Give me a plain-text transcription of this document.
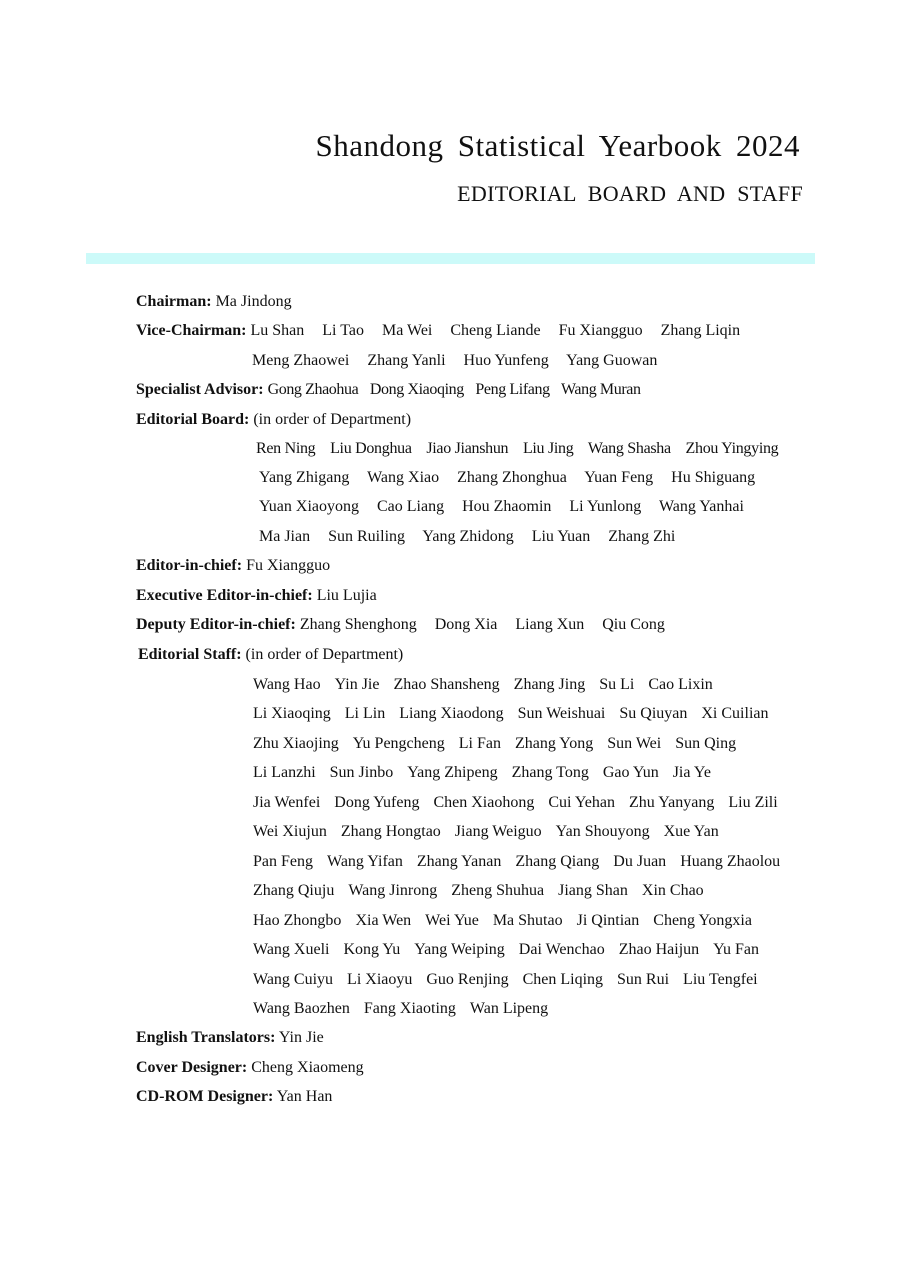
Shandong Statistical Yearbook 2024
EDITORIAL BOARD AND STAFF
Chairman: Ma Jindong
Vice-Chairman: Lu Shan Li Tao Ma Wei Cheng Liande Fu Xiangguo Zhang Liqin
Meng Zhaowei Zhang Yanli Huo Yunfeng Yang Guowan
Specialist Advisor: Gong Zhaohua Dong Xiaoqing Peng Lifang Wang Muran
Editorial Board: (in order of Department)
Ren Ning Liu Donghua Jiao Jianshun Liu Jing Wang Shasha Zhou Yingying
Yang Zhigang Wang Xiao Zhang Zhonghua Yuan Feng Hu Shiguang
Yuan Xiaoyong Cao Liang Hou Zhaomin Li Yunlong Wang Yanhai
Ma Jian Sun Ruiling Yang Zhidong Liu Yuan Zhang Zhi
Editor-in-chief: Fu Xiangguo
Executive Editor-in-chief: Liu Lujia
Deputy Editor-in-chief: Zhang Shenghong Dong Xia Liang Xun Qiu Cong
Editorial Staff: (in order of Department)
Wang Hao Yin Jie Zhao Shansheng Zhang Jing Su Li Cao Lixin
Li Xiaoqing Li Lin Liang Xiaodong Sun Weishuai Su Qiuyan Xi Cuilian
Zhu Xiaojing Yu Pengcheng Li Fan Zhang Yong Sun Wei Sun Qing
Li Lanzhi Sun Jinbo Yang Zhipeng Zhang Tong Gao Yun Jia Ye
Jia Wenfei Dong Yufeng Chen Xiaohong Cui Yehan Zhu Yanyang Liu Zili
Wei Xiujun Zhang Hongtao Jiang Weiguo Yan Shouyong Xue Yan
Pan Feng Wang Yifan Zhang Yanan Zhang Qiang Du Juan Huang Zhaolou
Zhang Qiuju Wang Jinrong Zheng Shuhua Jiang Shan Xin Chao
Hao Zhongbo Xia Wen Wei Yue Ma Shutao Ji Qintian Cheng Yongxia
Wang Xueli Kong Yu Yang Weiping Dai Wenchao Zhao Haijun Yu Fan
Wang Cuiyu Li Xiaoyu Guo Renjing Chen Liqing Sun Rui Liu Tengfei
Wang Baozhen Fang Xiaoting Wan Lipeng
English Translators: Yin Jie
Cover Designer: Cheng Xiaomeng
CD-ROM Designer: Yan Han
